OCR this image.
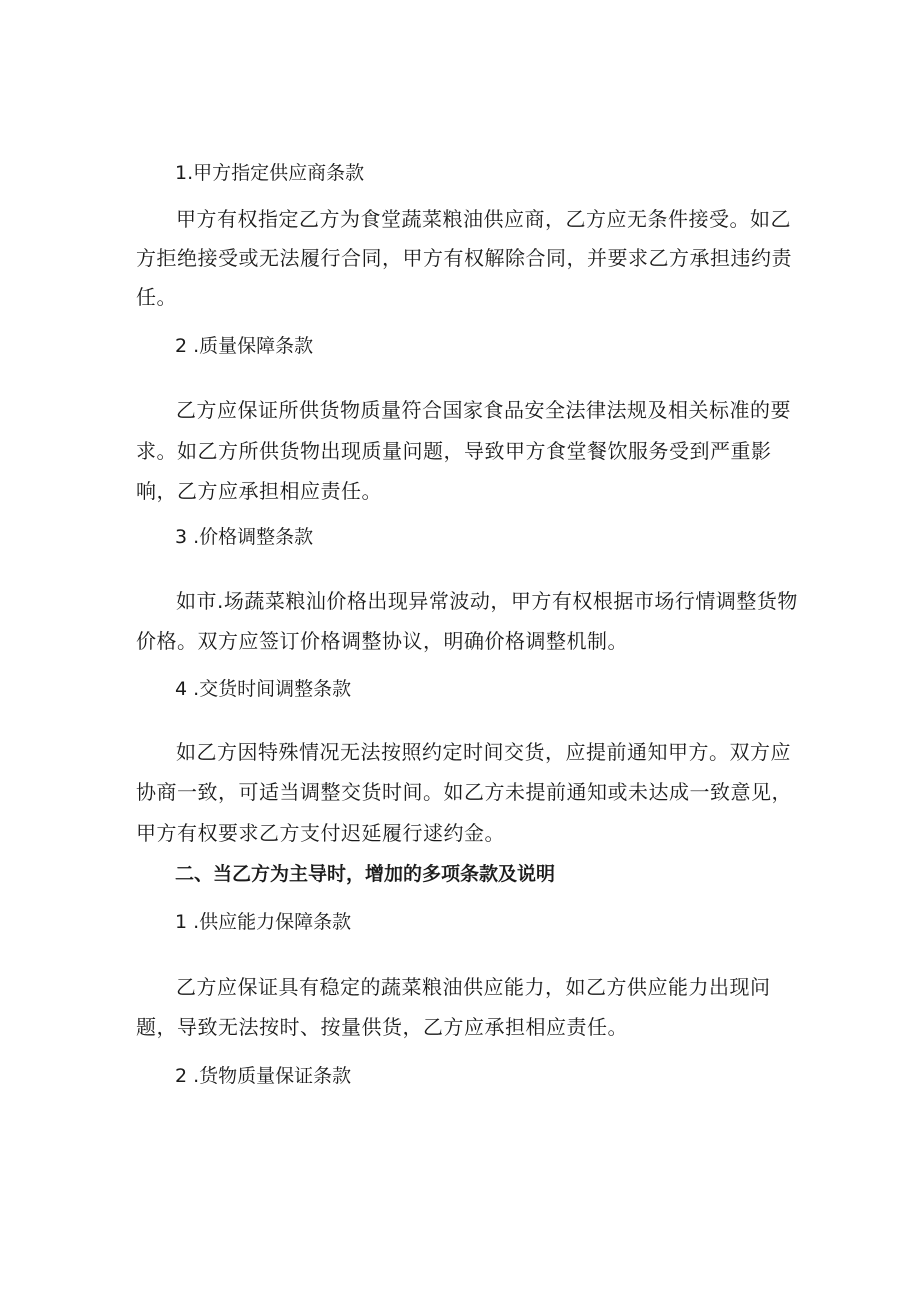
1.甲方指定供应商条款
甲方有权指定乙方为食堂蔬菜粮油供应商，乙方应无条件接受。如乙
方拒绝接受或无法履行合同，甲方有权解除合同，并要求乙方承担违约责
任。
2 .质量保障条款
乙方应保证所供货物质量符合国家食品安全法律法规及相关标准的要
求。如乙方所供货物出现质量问题，导致甲方食堂餐饮服务受到严重影
响，乙方应承担相应责任。
3 .价格调整条款
如市.场蔬菜粮汕价格出现异常波动，甲方有权根据市场行情调整货物
价格。双方应签订价格调整协议，明确价格调整机制。
4 .交货时间调整条款
如乙方因特殊情况无法按照约定时间交货，应提前通知甲方。双方应
协商一致，可适当调整交货时间。如乙方未提前通知或未达成一致意见，
甲方有权要求乙方支付迟延履行逑约金。
二、当乙方为主导时，增加的多项条款及说明
1 .供应能力保障条款
乙方应保证具有稳定的蔬菜粮油供应能力，如乙方供应能力出现问
题，导致无法按时、按量供货，乙方应承担相应责任。
2 .货物质量保证条款
